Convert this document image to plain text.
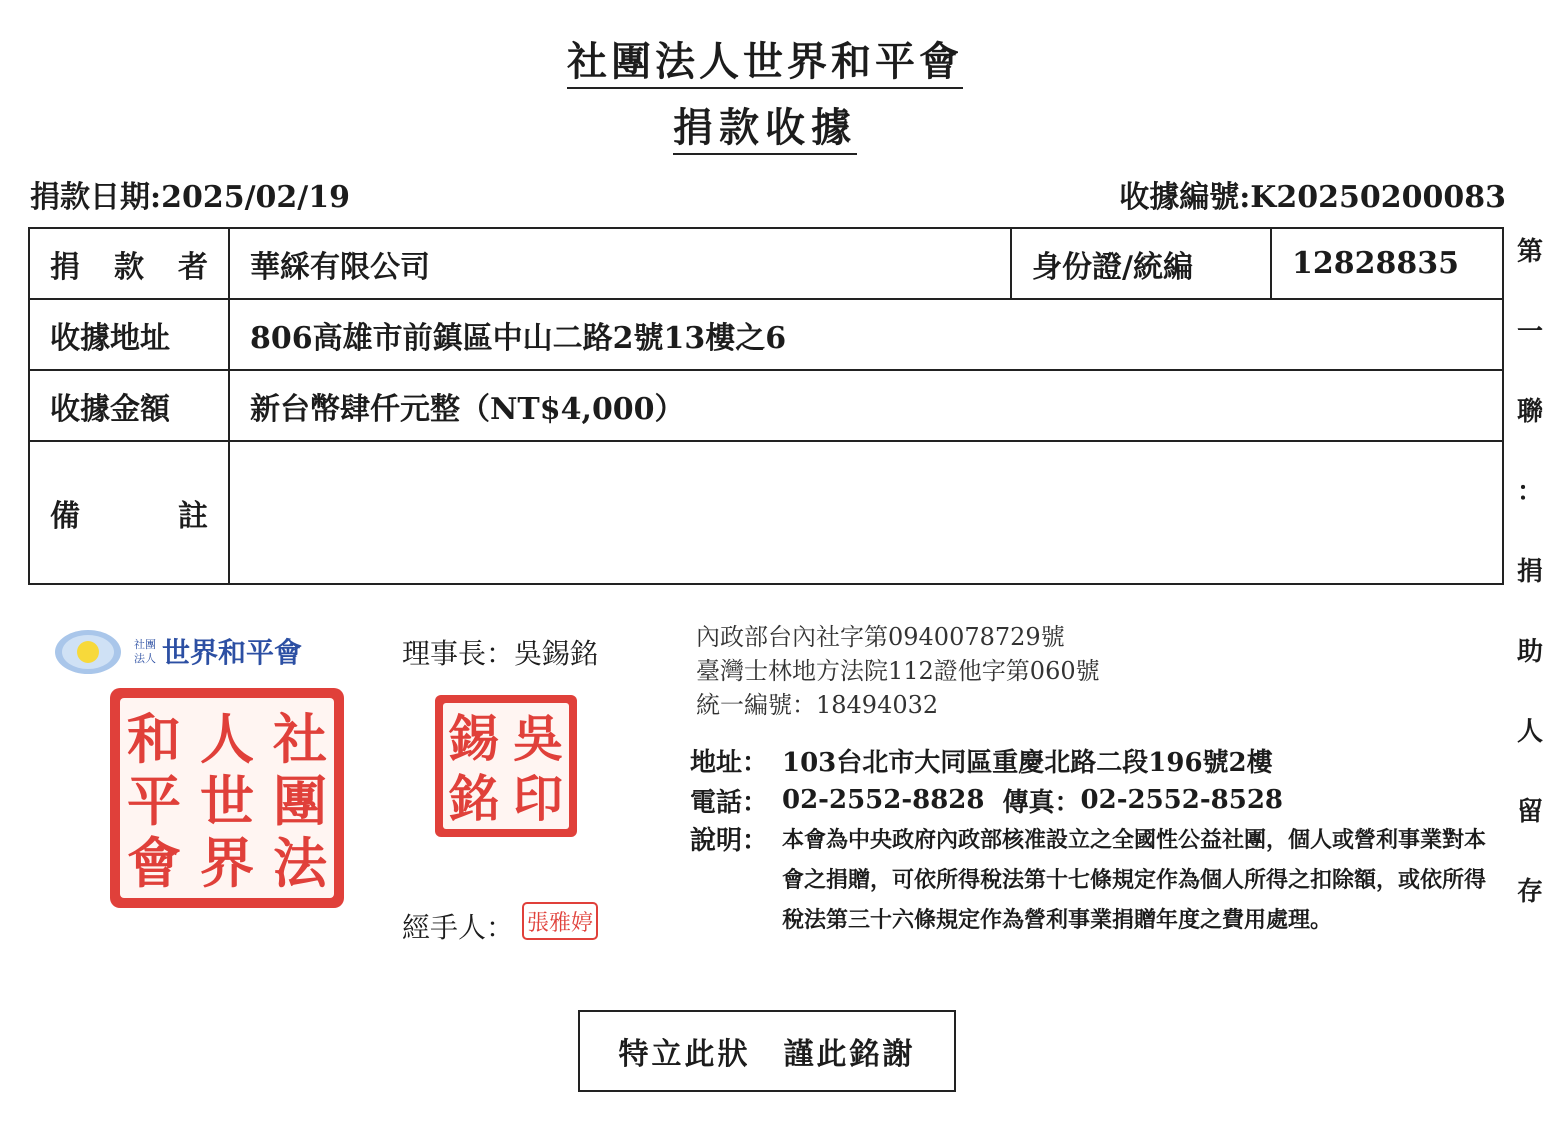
社團法人世界和平會
捐款收據
捐款日期:2025/02/19	收據編號:K20250200083
第
一
聯
：
捐
助
人
留
存
捐 款 者	華綵有限公司	身份證/統編	12828835
收據地址	806高雄市前鎮區中山二路2號13樓之6		
收據金額	新台幣肆仟元整（NT$4,000）		

備 註			

社團
法人 世界和平會
社
團
法
人
世
界
和
平
會
理事長：吳錫銘
吳
錫
銘 印
經手人： 張雅婷
內政部台內社字第0940078729號
臺灣士林地方法院112證他字第060號
統一編號：18494032
地址： 103台北市大同區重慶北路二段196號2樓
電話： 02-2552-8828 傳真： 02-2552-8528
說明： 本會為中央政府內政部核准設立之全國性公益社團，個人或營利事業對本會之捐贈，可依所得稅法第十七條規定作為個人所得之扣除額，或依所得稅法第三十六條規定作為營利事業捐贈年度之費用處理。
特立此狀　謹此銘謝
